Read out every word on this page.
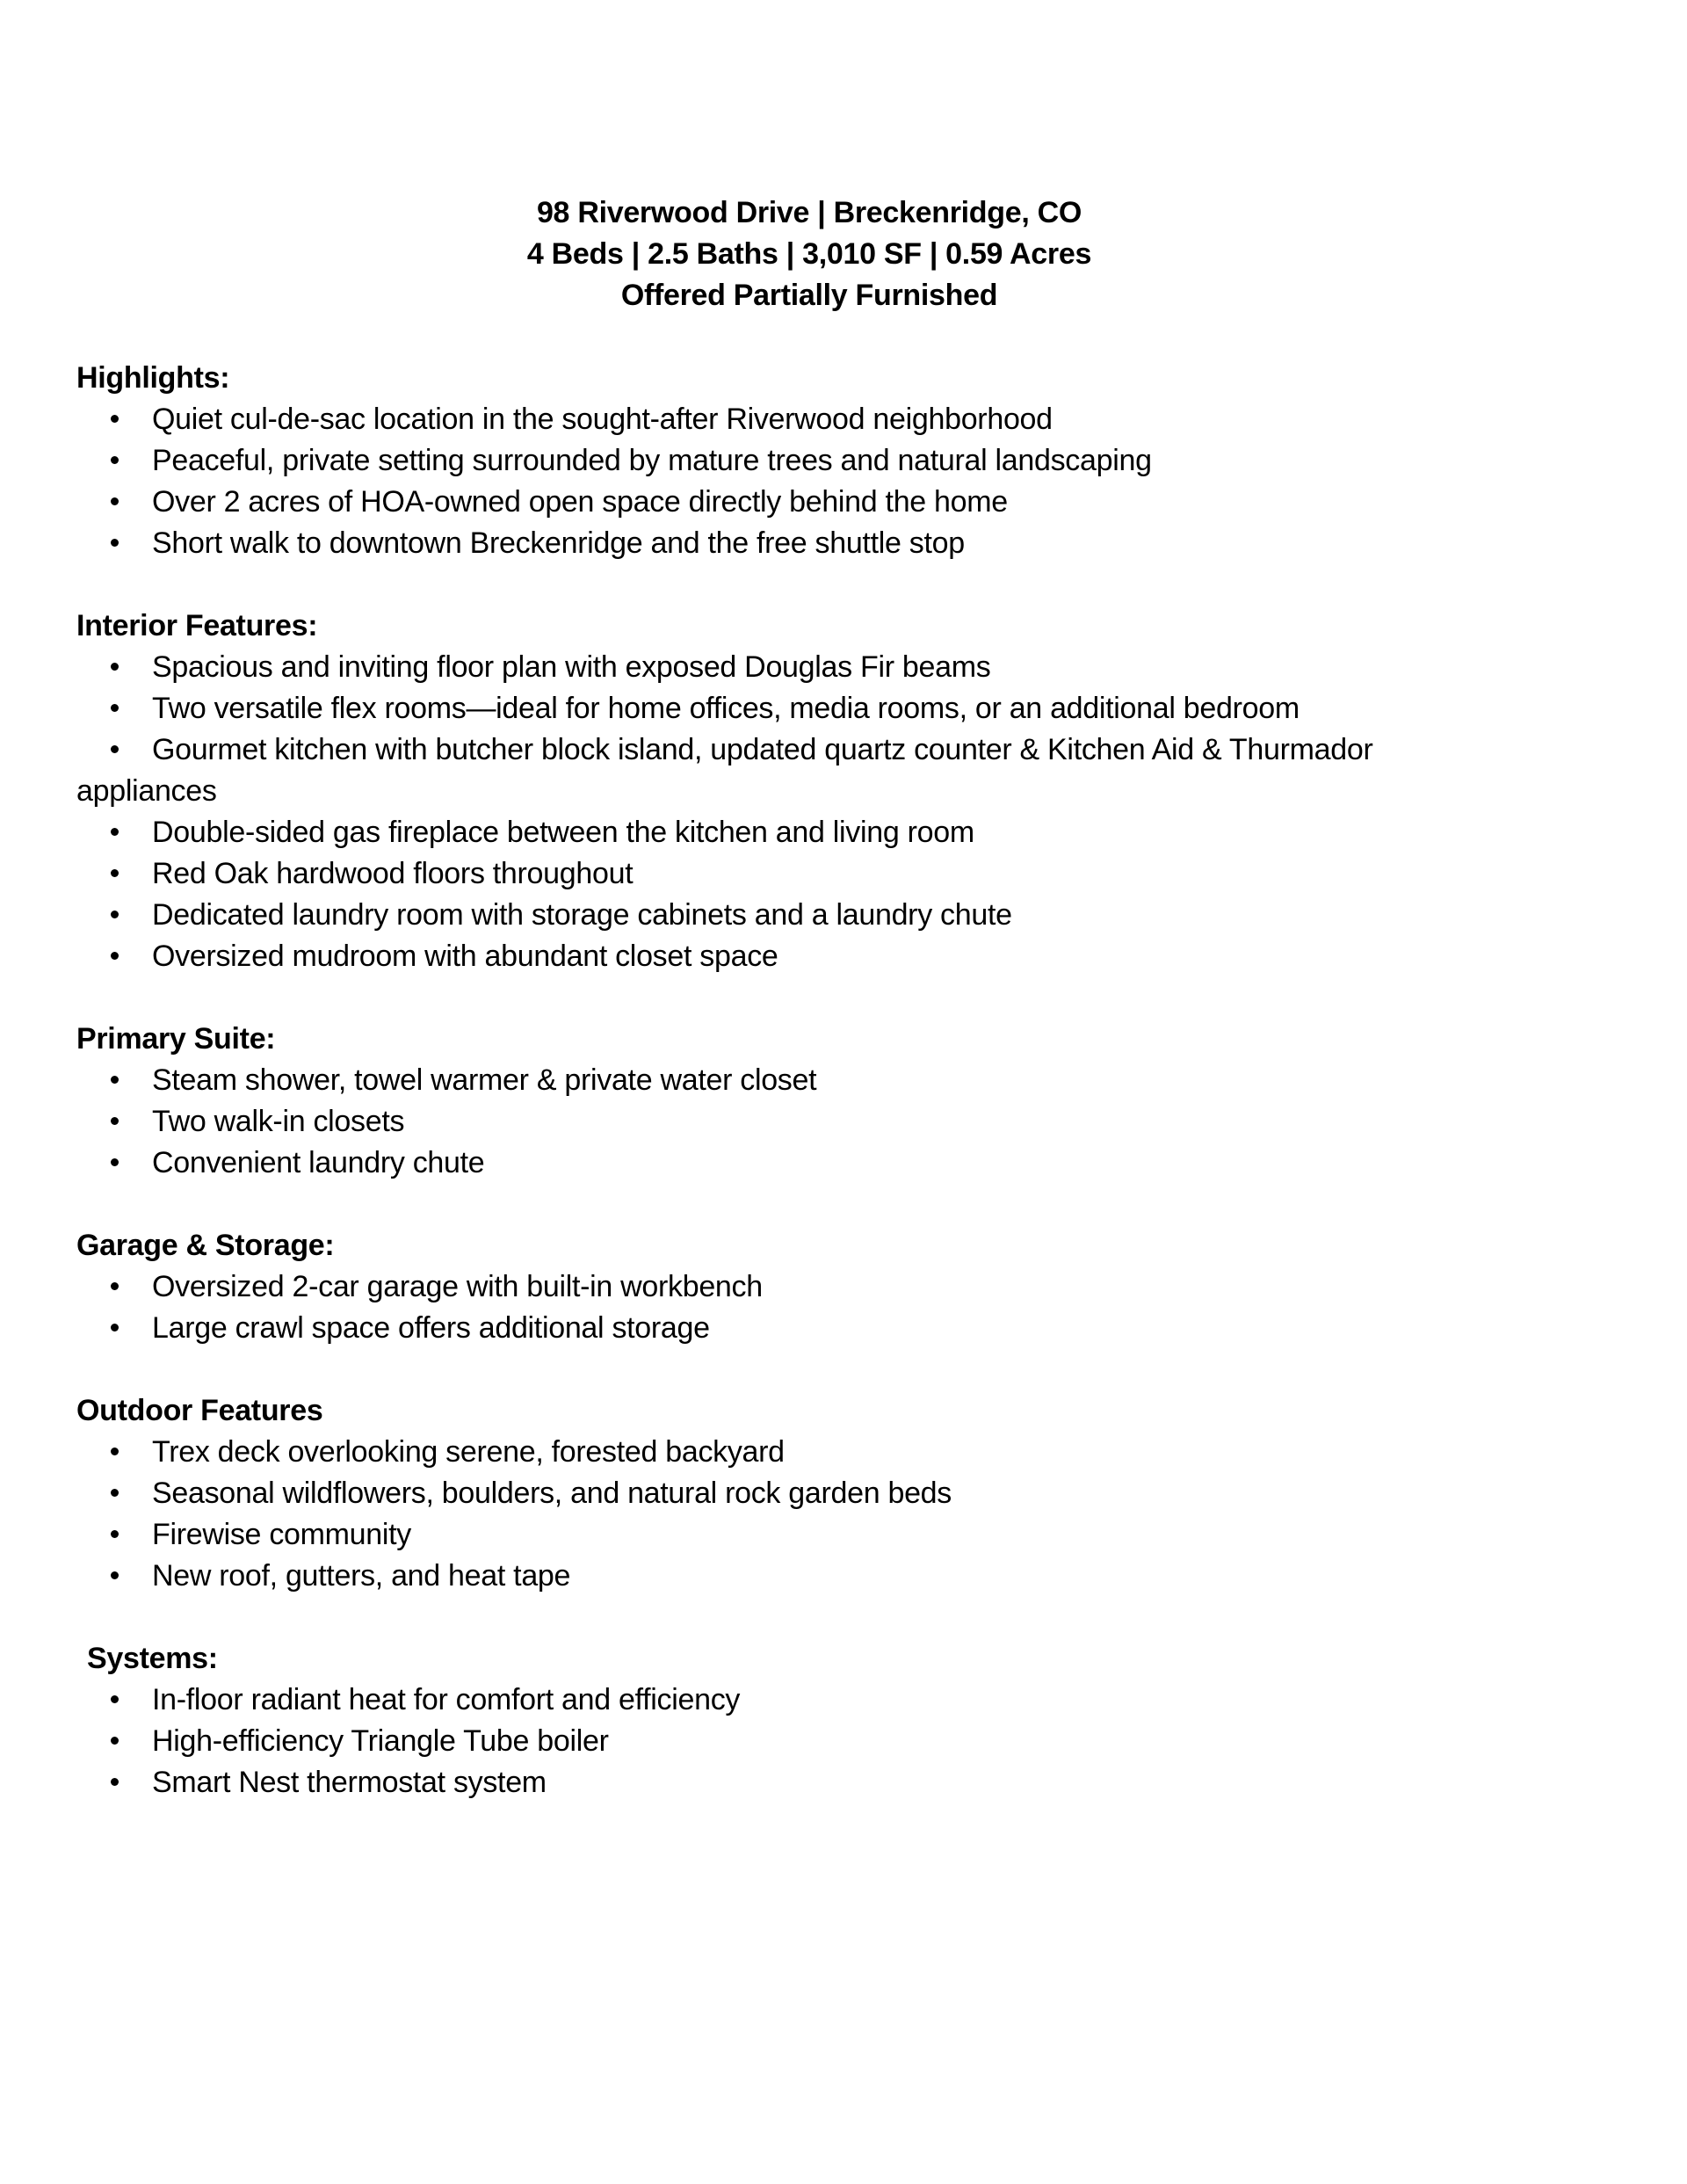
98 Riverwood Drive | Breckenridge, CO
4 Beds | 2.5 Baths | 3,010 SF | 0.59 Acres
Offered Partially Furnished
Highlights:
Quiet cul-de-sac location in the sought-after Riverwood neighborhood
Peaceful, private setting surrounded by mature trees and natural landscaping
Over 2 acres of HOA-owned open space directly behind the home
Short walk to downtown Breckenridge and the free shuttle stop
Interior Features:
Spacious and inviting floor plan with exposed Douglas Fir beams
Two versatile flex rooms—ideal for home offices, media rooms, or an additional bedroom
Gourmet kitchen with butcher block island, updated quartz counter & Kitchen Aid & Thurmador
appliances
Double-sided gas fireplace between the kitchen and living room
Red Oak hardwood floors throughout
Dedicated laundry room with storage cabinets and a laundry chute
Oversized mudroom with abundant closet space
Primary Suite:
Steam shower, towel warmer & private water closet
Two walk-in closets
Convenient laundry chute
Garage & Storage:
Oversized 2-car garage with built-in workbench
Large crawl space offers additional storage
Outdoor Features
Trex deck overlooking serene, forested backyard
Seasonal wildflowers, boulders, and natural rock garden beds
Firewise community
New roof, gutters, and heat tape
Systems:
In-floor radiant heat for comfort and efficiency
High-efficiency Triangle Tube boiler
Smart Nest thermostat system
